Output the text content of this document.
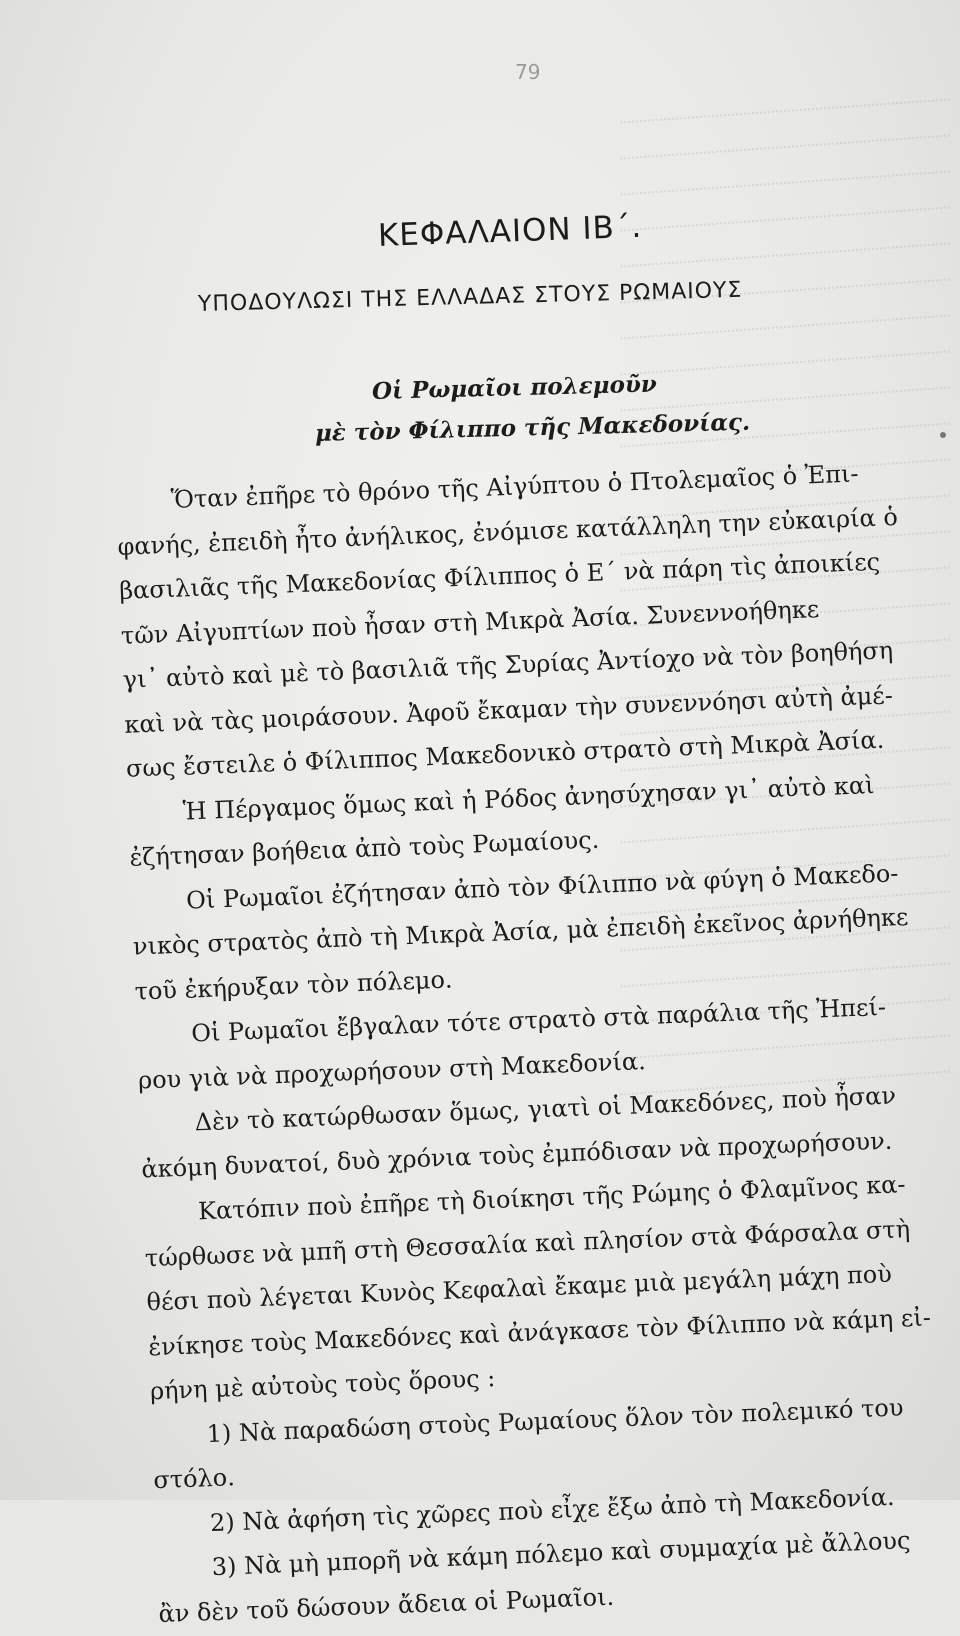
79
ΚΕΦΑΛΑΙΟΝ ΙΒ΄.
ΥΠΟΔΟΥΛΩΣΙ ΤΗΣ ΕΛΛΑΔΑΣ ΣΤΟΥΣ ΡΩΜΑΙΟΥΣ
Οἱ Ρωμαῖοι πολεμοῦν
μὲ τὸν Φίλιππο τῆς Μακεδονίας.
Ὅταν ἐπῆρε τὸ θρόνο τῆς Αἰγύπτου ὁ Πτολεμαῖος ὁ Ἐπι-
φανής, ἐπειδὴ ἦτο ἀνήλικος, ἐνόμισε κατάλληλη την εὐκαιρία ὁ
βασιλιᾶς τῆς Μακεδονίας Φίλιππος ὁ Ε΄ νὰ πάρη τὶς ἀποικίες
τῶν Αἰγυπτίων ποὺ ἦσαν στὴ Μικρὰ Ἀσία. Συνεννοήθηκε
γι᾽ αὐτὸ καὶ μὲ τὸ βασιλιᾶ τῆς Συρίας Ἀντίοχο νὰ τὸν βοηθήση
καὶ νὰ τὰς μοιράσουν. Ἀφοῦ ἔκαμαν τὴν συνεννόησι αὐτὴ ἀμέ-
σως ἔστειλε ὁ Φίλιππος Μακεδονικὸ στρατὸ στὴ Μικρὰ Ἀσία.
Ἡ Πέργαμος ὅμως καὶ ἡ Ρόδος ἀνησύχησαν γι᾽ αὐτὸ καὶ
ἐζήτησαν βοήθεια ἀπὸ τοὺς Ρωμαίους.
Οἱ Ρωμαῖοι ἐζήτησαν ἀπὸ τὸν Φίλιππο νὰ φύγη ὁ Μακεδο-
νικὸς στρατὸς ἀπὸ τὴ Μικρὰ Ἀσία, μὰ ἐπειδὴ ἐκεῖνος ἀρνήθηκε
τοῦ ἐκήρυξαν τὸν πόλεμο.
Οἱ Ρωμαῖοι ἔβγαλαν τότε στρατὸ στὰ παράλια τῆς Ἠπεί-
ρου γιὰ νὰ προχωρήσουν στὴ Μακεδονία.
Δὲν τὸ κατώρθωσαν ὅμως, γιατὶ οἱ Μακεδόνες, ποὺ ἦσαν
ἀκόμη δυνατοί, δυὸ χρόνια τοὺς ἐμπόδισαν νὰ προχωρήσουν.
Κατόπιν ποὺ ἐπῆρε τὴ διοίκησι τῆς Ρώμης ὁ Φλαμῖνος κα-
τώρθωσε νὰ μπῆ στὴ Θεσσαλία καὶ πλησίον στὰ Φάρσαλα στὴ
θέσι ποὺ λέγεται Κυνὸς Κεφαλαὶ ἔκαμε μιὰ μεγάλη μάχη ποὺ
ἐνίκησε τοὺς Μακεδόνες καὶ ἀνάγκασε τὸν Φίλιππο νὰ κάμη εἰ-
ρήνη μὲ αὐτοὺς τοὺς ὅρους :
1) Νὰ παραδώση στοὺς Ρωμαίους ὅλον τὸν πολεμικό του
στόλο.
2) Νὰ ἀφήση τὶς χῶρες ποὺ εἶχε ἔξω ἀπὸ τὴ Μακεδονία.
3) Νὰ μὴ μπορῆ νὰ κάμη πόλεμο καὶ συμμαχία μὲ ἄλλους
ἂν δὲν τοῦ δώσουν ἄδεια οἱ Ρωμαῖοι.
